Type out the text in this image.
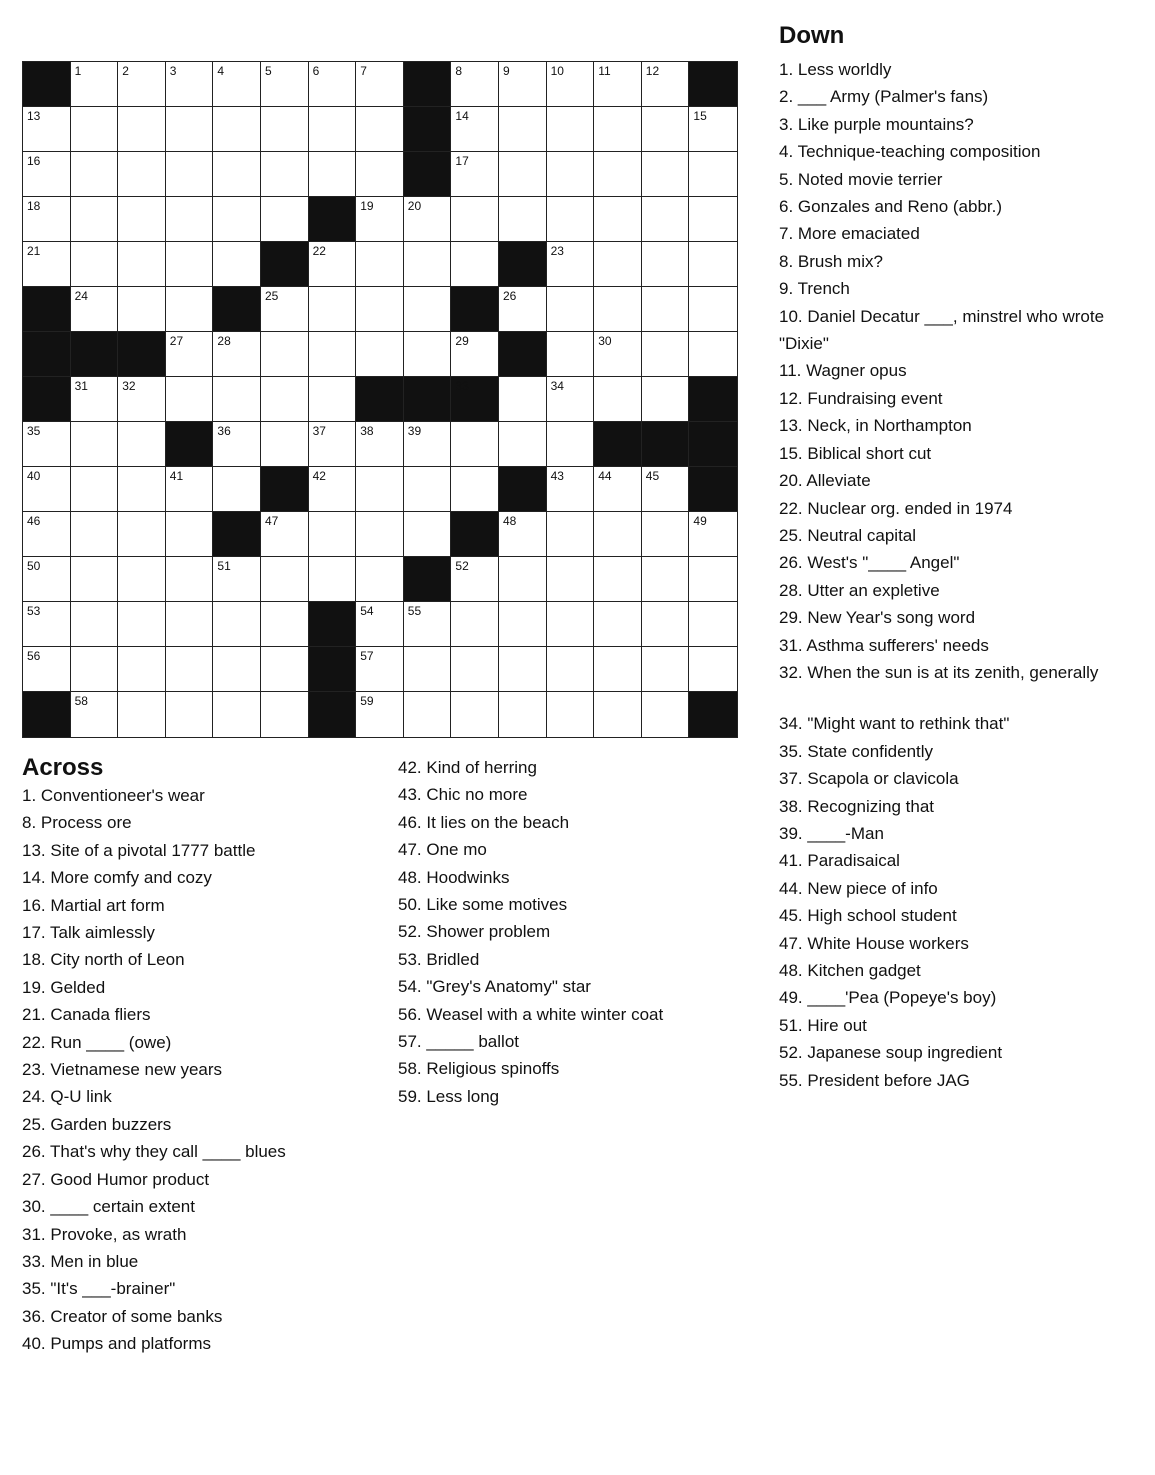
1	2	3	4	5	6	7	8	9	10	11	12
13	14	15
16	17
18	19	20
21	22	23
24	25	26
27	28	29	30
31	32	33	34
35	36	37	38	39
40	41	42	43	44	45
46	47	48	49
50	51	52
53	54	55
56	57
58	59
Down
1. Less worldly
2. ___ Army (Palmer's fans)
3. Like purple mountains?
4. Technique-teaching composition
5. Noted movie terrier
6. Gonzales and Reno (abbr.)
7. More emaciated
8. Brush mix?
9. Trench
10. Daniel Decatur ___, minstrel who wrote "Dixie"
11. Wagner opus
12. Fundraising event
13. Neck, in Northampton
15. Biblical short cut
20. Alleviate
22. Nuclear org. ended in 1974
25. Neutral capital
26. West's "____ Angel"
28. Utter an expletive
29. New Year's song word
31. Asthma sufferers' needs
32. When the sun is at its zenith, generally
34. "Might want to rethink that"
35. State confidently
37. Scapola or clavicola
38. Recognizing that
39. ____-Man
41. Paradisaical
44. New piece of info
45. High school student
47. White House workers
48. Kitchen gadget
49. ____'Pea (Popeye's boy)
51. Hire out
52. Japanese soup ingredient
55. President before JAG
Across
1. Conventioneer's wear
8. Process ore
13. Site of a pivotal 1777 battle
14. More comfy and cozy
16. Martial art form
17. Talk aimlessly
18. City north of Leon
19. Gelded
21. Canada fliers
22. Run ____ (owe)
23. Vietnamese new years
24. Q-U link
25. Garden buzzers
26. That's why they call ____ blues
27. Good Humor product
30. ____ certain extent
31. Provoke, as wrath
33. Men in blue
35. "It's ___-brainer"
36. Creator of some banks
40. Pumps and platforms
42. Kind of herring
43. Chic no more
46. It lies on the beach
47. One mo
48. Hoodwinks
50. Like some motives
52. Shower problem
53. Bridled
54. "Grey's Anatomy" star
56. Weasel with a white winter coat
57. _____ ballot
58. Religious spinoffs
59. Less long
